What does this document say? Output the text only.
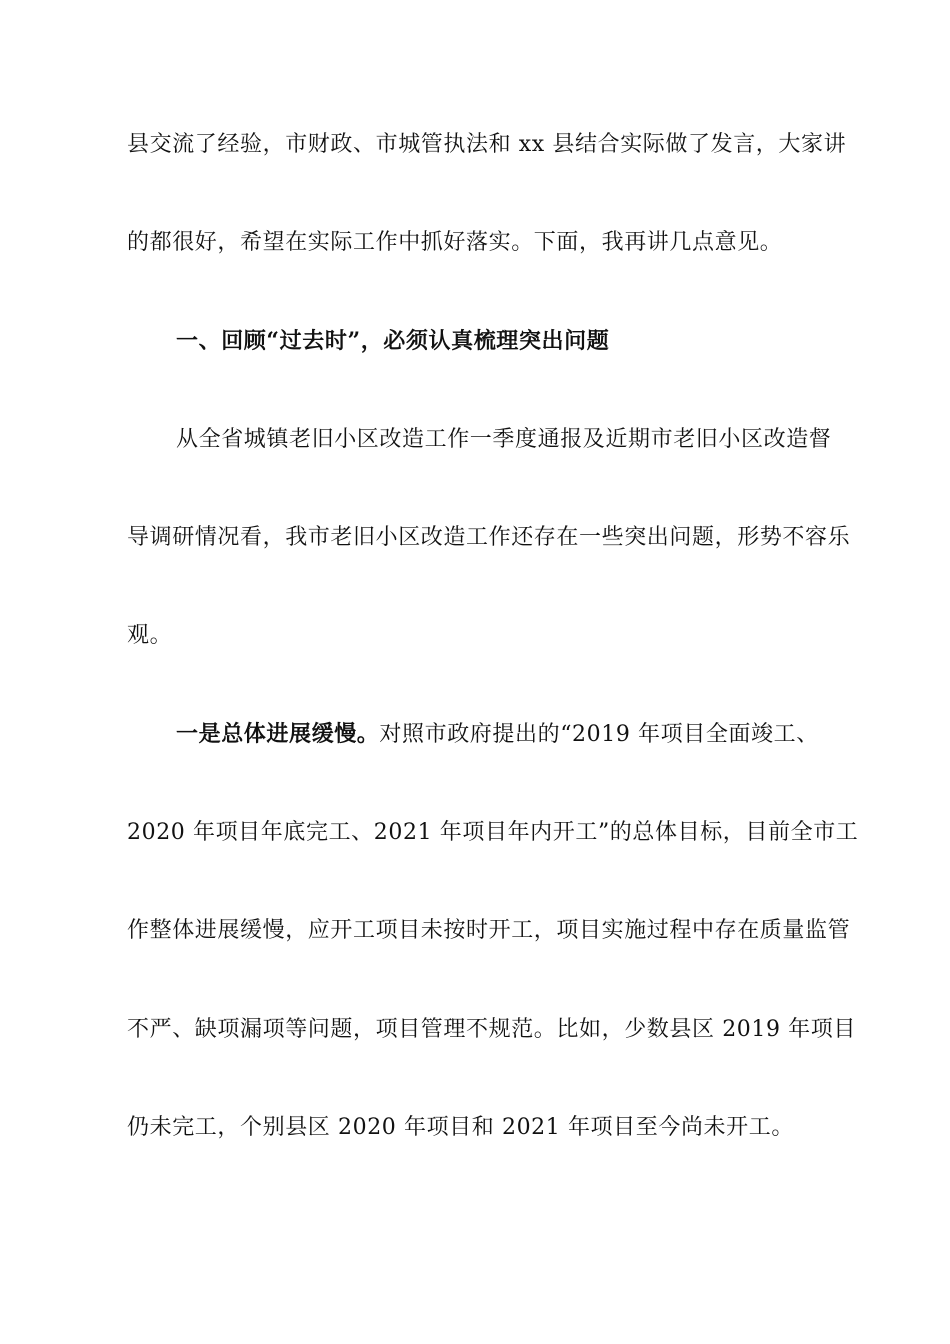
县交流了经验，市财政、市城管执法和 xx 县结合实际做了发言，大家讲
的都很好，希望在实际工作中抓好落实。下面，我再讲几点意见。
一、回顾“过去时”，必须认真梳理突出问题
从全省城镇老旧小区改造工作一季度通报及近期市老旧小区改造督
导调研情况看，我市老旧小区改造工作还存在一些突出问题，形势不容乐
观。
一是总体进展缓慢。对照市政府提出的“2019 年项目全面竣工、
2020 年项目年底完工、2021 年项目年内开工”的总体目标，目前全市工
作整体进展缓慢，应开工项目未按时开工，项目实施过程中存在质量监管
不严、缺项漏项等问题，项目管理不规范。比如，少数县区 2019 年项目
仍未完工，个别县区 2020 年项目和 2021 年项目至今尚未开工。
